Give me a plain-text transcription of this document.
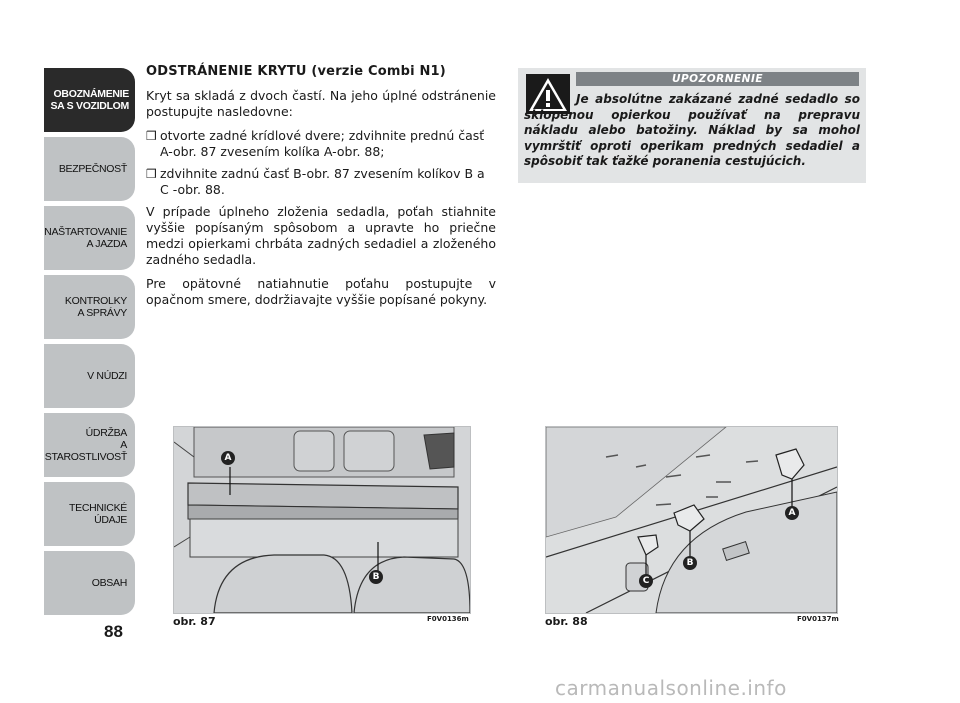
OBOZNÁMENIE
SA S VOZIDLOM
BEZPEČNOSŤ
NAŠTARTOVANIE
A JAZDA
KONTROLKY
A SPRÁVY
V NÚDZI
ÚDRŽBA
A STAROSTLIVOSŤ
TECHNICKÉ
ÚDAJE
OBSAH
88
ODSTRÁNENIE KRYTU (verzie Combi N1)

Kryt sa skladá z dvoch častí. Na jeho úplné odstránenie postupujte nasledovne:

❒ otvorte zadné krídlové dvere; zdvihnite prednú časť A-obr. 87 zvesením kolíka A-obr. 88;
❒ zdvihnite zadnú časť B-obr. 87 zvesením kolíkov B a C -obr. 88.

V prípade úplneho zloženia sedadla, poťah stiahnite vyššie popísaným spôsobom a upravte ho priečne medzi opierkami chrbáta zadných sedadiel a zloženého zadného sedadla.

Pre opätovné natiahnutie poťahu postupujte v opačnom smere, dodržiavajte vyššie popísané pokyny.

UPOZORNENIE
Je absolútne zakázané zadné sedadlo so sklopenou opierkou používať na prepravu nákladu alebo batožiny. Náklad by sa mohol vymrštiť oproti operikam predných sedadiel a spôsobiť tak ťažké poranenia cestujúcich.
A
B
obr. 87	F0V0136m
A
B
C
obr. 88	F0V0137m
carmanualsonline.info
